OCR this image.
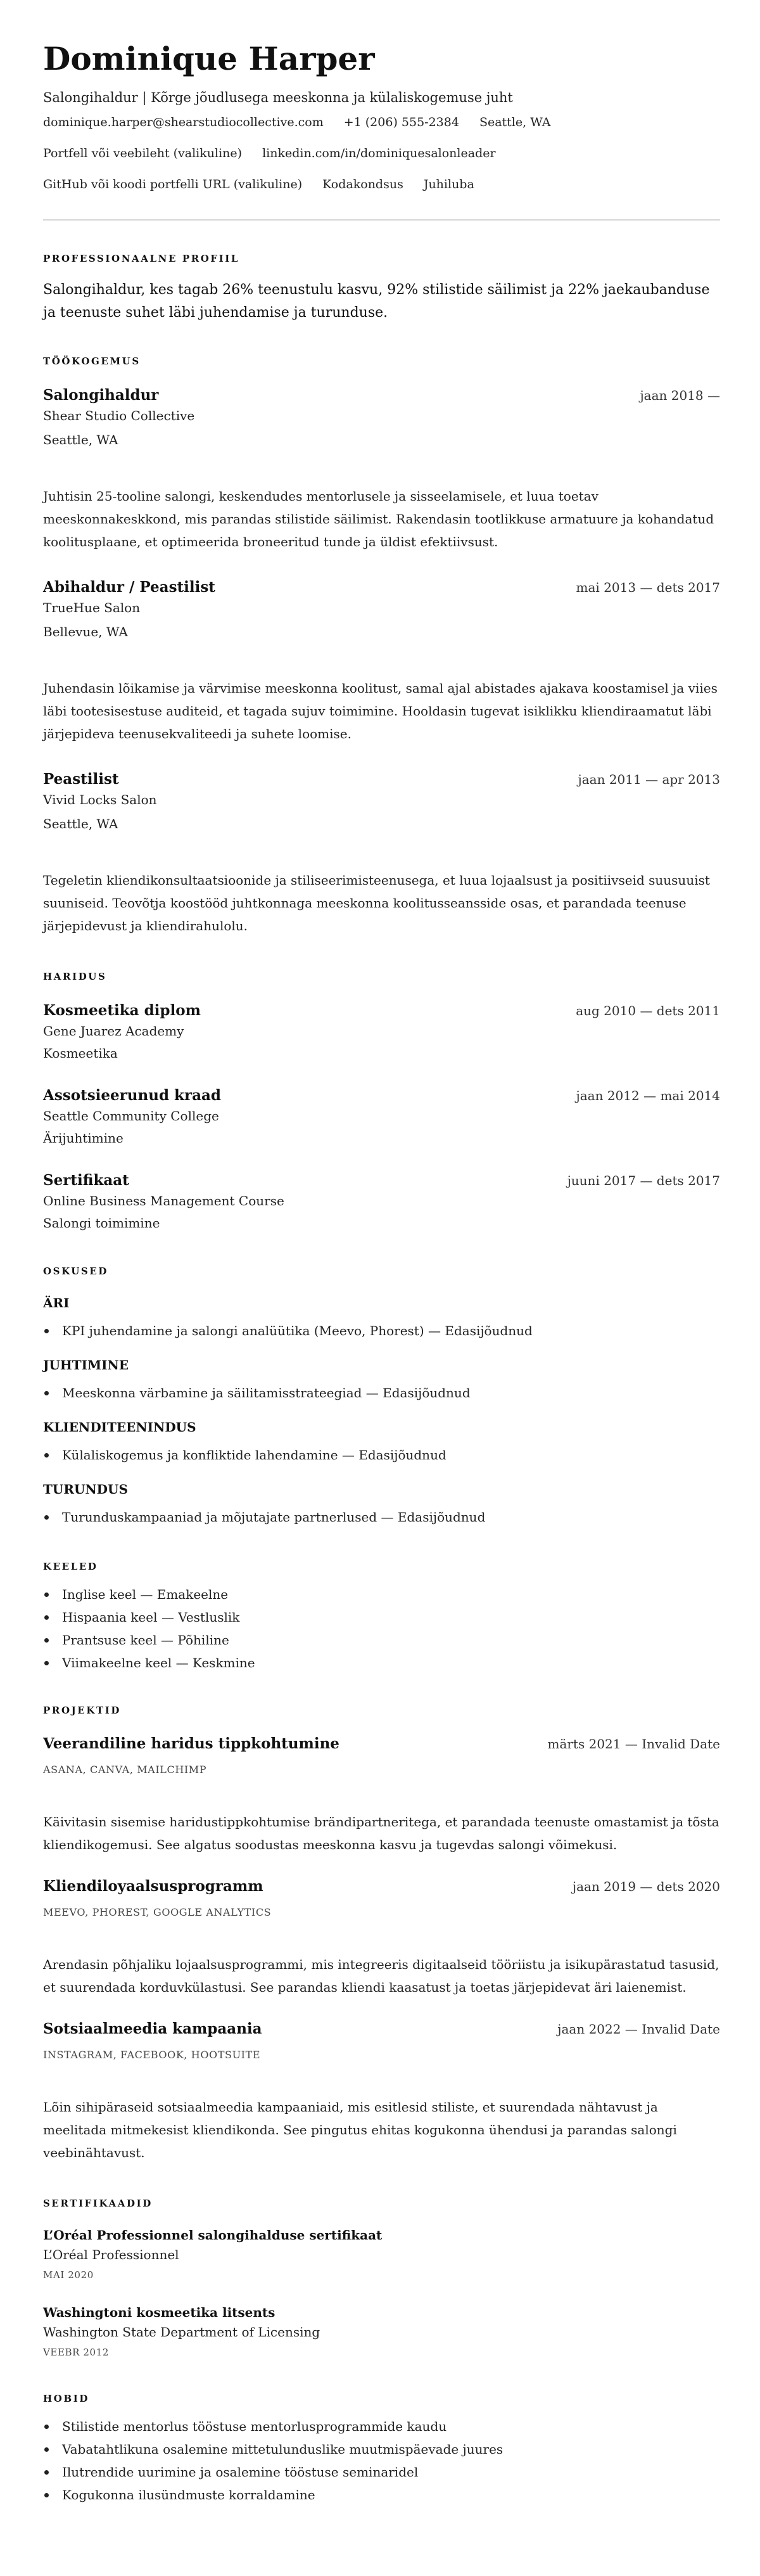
Dominique Harper
Salongihaldur | Kõrge jõudlusega meeskonna ja külaliskogemuse juht
dominique.harper@shearstudiocollective.com +1 (206) 555-2384 Seattle, WA
Portfell või veebileht (valikuline) linkedin.com/in/dominiquesalonleader
GitHub või koodi portfelli URL (valikuline) Kodakondsus Juhiluba
PROFESSIONAALNE PROFIIL
Salongihaldur, kes tagab 26% teenustulu kasvu, 92% stilistide säilimist ja 22% jaekaubanduse ja teenuste suhet läbi juhendamise ja turunduse.
TÖÖKOGEMUS
Salongihaldur	jaan 2018 —
Shear Studio Collective
Seattle, WA
Juhtisin 25-tooline salongi, keskendudes mentorlusele ja sisseelamisele, et luua toetav meeskonnakeskkond, mis parandas stilistide säilimist. Rakendasin tootlikkuse armatuure ja kohandatud koolitusplaane, et optimeerida broneeritud tunde ja üldist efektiivsust.
Abihaldur / Peastilist	mai 2013 — dets 2017
TrueHue Salon
Bellevue, WA
Juhendasin lõikamise ja värvimise meeskonna koolitust, samal ajal abistades ajakava koostamisel ja viies läbi tootesisestuse auditeid, et tagada sujuv toimimine. Hooldasin tugevat isiklikku kliendiraamatut läbi järjepideva teenusekvaliteedi ja suhete loomise.
Peastilist	jaan 2011 — apr 2013
Vivid Locks Salon
Seattle, WA
Tegeletin kliendikonsultaatsioonide ja stiliseerimisteenusega, et luua lojaalsust ja positiivseid suusuuist suuniseid. Teovõtja koostööd juhtkonnaga meeskonna koolitusseansside osas, et parandada teenuse järjepidevust ja kliendirahulolu.
HARIDUS
Kosmeetika diplom	aug 2010 — dets 2011
Gene Juarez Academy
Kosmeetika
Assotsieerunud kraad	jaan 2012 — mai 2014
Seattle Community College
Ärijuhtimine
Sertifikaat	juuni 2017 — dets 2017
Online Business Management Course
Salongi toimimine
OSKUSED
ÄRI
KPI juhendamine ja salongi analüütika (Meevo, Phorest) — Edasijõudnud
JUHTIMINE
Meeskonna värbamine ja säilitamisstrateegiad — Edasijõudnud
KLIENDITEENINDUS
Külaliskogemus ja konfliktide lahendamine — Edasijõudnud
TURUNDUS
Turunduskampaaniad ja mõjutajate partnerlused — Edasijõudnud
KEELED
Inglise keel — Emakeelne
Hispaania keel — Vestluslik
Prantsuse keel — Põhiline
Viimakeelne keel — Keskmine
PROJEKTID
Veerandiline haridus tippkohtumine	märts 2021 — Invalid Date
ASANA, CANVA, MAILCHIMP
Käivitasin sisemise haridustippkohtumise brändipartneritega, et parandada teenuste omastamist ja tõsta kliendikogemusi. See algatus soodustas meeskonna kasvu ja tugevdas salongi võimekusi.
Kliendiloyaalsusprogramm	jaan 2019 — dets 2020
MEEVO, PHOREST, GOOGLE ANALYTICS
Arendasin põhjaliku lojaalsusprogrammi, mis integreeris digitaalseid tööriistu ja isikupärastatud tasusid, et suurendada korduvkülastusi. See parandas kliendi kaasatust ja toetas järjepidevat äri laienemist.
Sotsiaalmeedia kampaania	jaan 2022 — Invalid Date
INSTAGRAM, FACEBOOK, HOOTSUITE
Lõin sihipäraseid sotsiaalmeedia kampaaniaid, mis esitlesid stiliste, et suurendada nähtavust ja meelitada mitmekesist kliendikonda. See pingutus ehitas kogukonna ühendusi ja parandas salongi veebinähtavust.
SERTIFIKAADID
L’Oréal Professionnel salongihalduse sertifikaat
L’Oréal Professionnel
MAI 2020
Washingtoni kosmeetika litsents
Washington State Department of Licensing
VEEBR 2012
HOBID
Stilistide mentorlus tööstuse mentorlusprogrammide kaudu
Vabatahtlikuna osalemine mittetulunduslike muutmispäevade juures
Ilutrendide uurimine ja osalemine tööstuse seminaridel
Kogukonna ilusündmuste korraldamine
